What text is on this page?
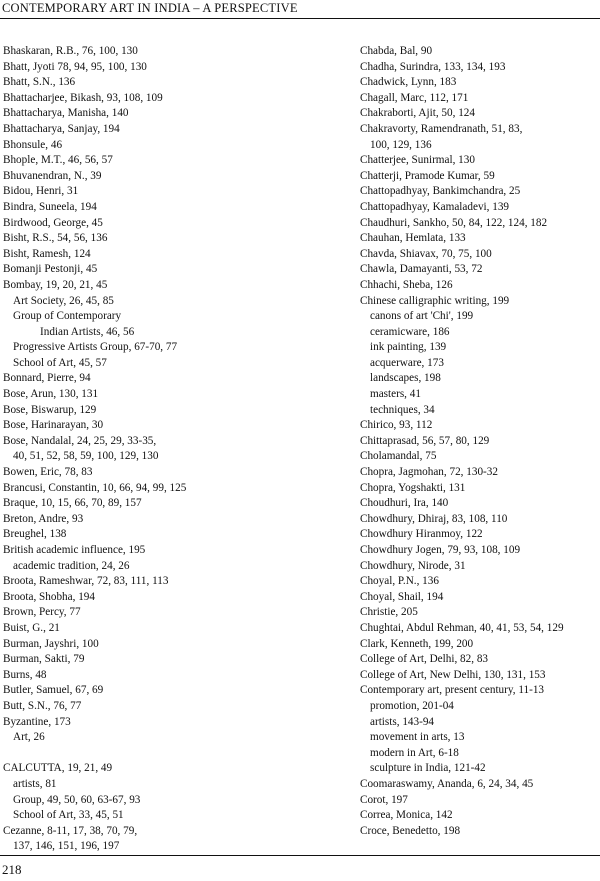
CONTEMPORARY ART IN INDIA – A PERSPECTIVE
Bhaskaran, R.B., 76, 100, 130
Bhatt, Jyoti 78, 94, 95, 100, 130
Bhatt, S.N., 136
Bhattacharjee, Bikash, 93, 108, 109
Bhattacharya, Manisha, 140
Bhattacharya, Sanjay, 194
Bhonsule, 46
Bhople, M.T., 46, 56, 57
Bhuvanendran, N., 39
Bidou, Henri, 31
Bindra, Suneela, 194
Birdwood, George, 45
Bisht, R.S., 54, 56, 136
Bisht, Ramesh, 124
Bomanji Pestonji, 45
Bombay, 19, 20, 21, 45
Art Society, 26, 45, 85
Group of Contemporary
Indian Artists, 46, 56
Progressive Artists Group, 67-70, 77
School of Art, 45, 57
Bonnard, Pierre, 94
Bose, Arun, 130, 131
Bose, Biswarup, 129
Bose, Harinarayan, 30
Bose, Nandalal, 24, 25, 29, 33-35,
40, 51, 52, 58, 59, 100, 129, 130
Bowen, Eric, 78, 83
Brancusi, Constantin, 10, 66, 94, 99, 125
Braque, 10, 15, 66, 70, 89, 157
Breton, Andre, 93
Breughel, 138
British academic influence, 195
academic tradition, 24, 26
Broota, Rameshwar, 72, 83, 111, 113
Broota, Shobha, 194
Brown, Percy, 77
Buist, G., 21
Burman, Jayshri, 100
Burman, Sakti, 79
Burns, 48
Butler, Samuel, 67, 69
Butt, S.N., 76, 77
Byzantine, 173
Art, 26
CALCUTTA, 19, 21, 49
artists, 81
Group, 49, 50, 60, 63-67, 93
School of Art, 33, 45, 51
Cezanne, 8-11, 17, 38, 70, 79,
137, 146, 151, 196, 197
Chabda, Bal, 90
Chadha, Surindra, 133, 134, 193
Chadwick, Lynn, 183
Chagall, Marc, 112, 171
Chakraborti, Ajit, 50, 124
Chakravorty, Ramendranath, 51, 83,
100, 129, 136
Chatterjee, Sunirmal, 130
Chatterji, Pramode Kumar, 59
Chattopadhyay, Bankimchandra, 25
Chattopadhyay, Kamaladevi, 139
Chaudhuri, Sankho, 50, 84, 122, 124, 182
Chauhan, Hemlata, 133
Chavda, Shiavax, 70, 75, 100
Chawla, Damayanti, 53, 72
Chhachi, Sheba, 126
Chinese calligraphic writing, 199
canons of art 'Chi', 199
ceramicware, 186
ink painting, 139
acquerware, 173
landscapes, 198
masters, 41
techniques, 34
Chirico, 93, 112
Chittaprasad, 56, 57, 80, 129
Cholamandal, 75
Chopra, Jagmohan, 72, 130-32
Chopra, Yogshakti, 131
Choudhuri, Ira, 140
Chowdhury, Dhiraj, 83, 108, 110
Chowdhury Hiranmoy, 122
Chowdhury Jogen, 79, 93, 108, 109
Chowdhury, Nirode, 31
Choyal, P.N., 136
Choyal, Shail, 194
Christie, 205
Chughtai, Abdul Rehman, 40, 41, 53, 54, 129
Clark, Kenneth, 199, 200
College of Art, Delhi, 82, 83
College of Art, New Delhi, 130, 131, 153
Contemporary art, present century, 11-13
promotion, 201-04
artists, 143-94
movement in arts, 13
modern in Art, 6-18
sculpture in India, 121-42
Coomaraswamy, Ananda, 6, 24, 34, 45
Corot, 197
Correa, Monica, 142
Croce, Benedetto, 198
218
